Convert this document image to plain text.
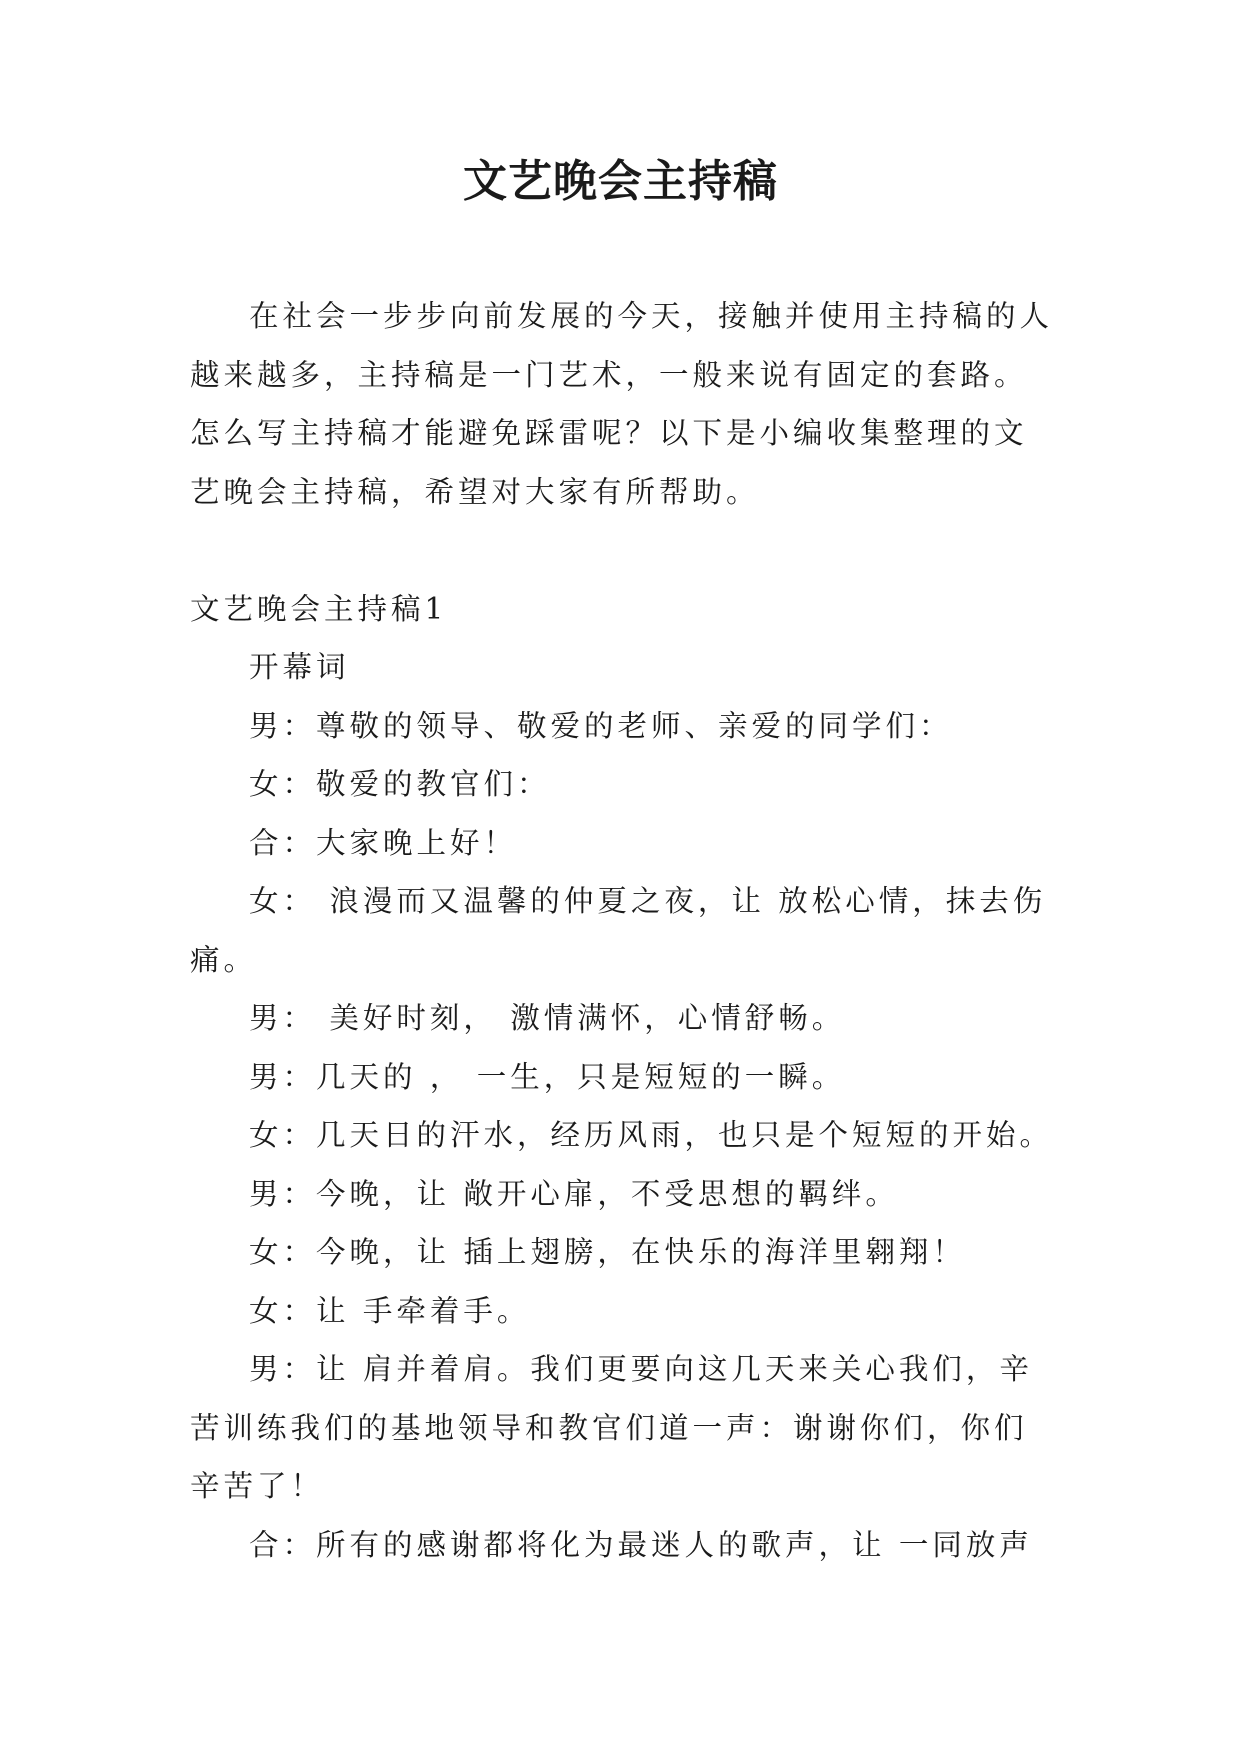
文艺晚会主持稿

在社会一步步向前发展的今天，接触并使用主持稿的人越来越多，主持稿是一门艺术，一般来说有固定的套路。怎么写主持稿才能避免踩雷呢？以下是小编收集整理的文艺晚会主持稿，希望对大家有所帮助。

文艺晚会主持稿1

开幕词

男：尊敬的领导、敬爱的老师、亲爱的同学们：

女：敬爱的教官们：

合：大家晚上好！

女： 浪漫而又温馨的仲夏之夜，让 放松心情，抹去伤痛。

男： 美好时刻， 激情满怀，心情舒畅。

男：几天的 ， 一生，只是短短的一瞬。

女：几天日的汗水，经历风雨，也只是个短短的开始。

男：今晚，让 敞开心扉，不受思想的羁绊。

女：今晚，让 插上翅膀，在快乐的海洋里翱翔！

女：让 手牵着手。

男：让 肩并着肩。我们更要向这几天来关心我们，辛苦训练我们的基地领导和教官们道一声：谢谢你们，你们辛苦了！

合：所有的感谢都将化为最迷人的歌声，让 一同放声
